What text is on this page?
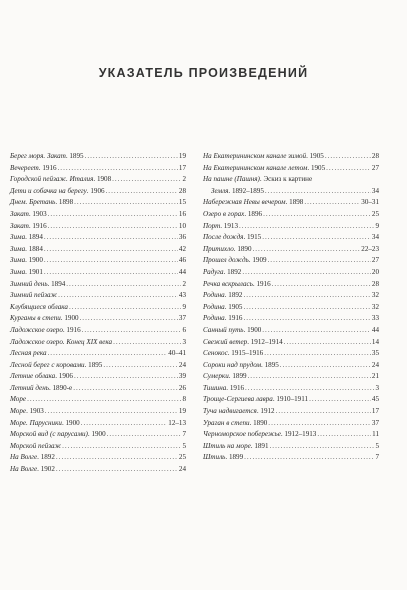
УКАЗАТЕЛЬ ПРОИЗВЕДЕНИЙ
Берег моря. Закат. 1895 .....	19
Вечереет. 1916 .....	17
Городской пейзаж. Италия. 1908 .....	2
Дети и собачка на берегу. 1906 .....	28
Днем. Бретань. 1898 .....	15
Закат. 1903 .....	16
Закат. 1916 .....	10
Зима. 1894 .....	36
Зима. 1884 .....	42
Зима. 1900 .....	46
Зима. 1901 .....	44
Зимний день. 1894 .....	2
Зимний пейзаж .....	43
Клубящиеся облака .....	9
Курганы в степи. 1900 .....	37
Ладожское озеро. 1916 .....	6
Ладожское озеро. Конец XIX века .....	3
Лесная река .....	40–41
Лесной берег с коровами. 1895 .....	24
Летние облака. 1906 .....	39
Летний день. 1890-е .....	26
Море .....	8
Море. 1903 .....	19
Море. Парусники. 1900 .....	12–13
Морской вид (с парусами). 1900 .....	7
Морской пейзаж .....	5
На Волге. 1892 .....	25
На Волге. 1902 .....	24
На Екатерининском канале зимой. 1905 .....	28
На Екатерининском канале летом. 1905 .....	27
На пашне (Пашня). Эскиз к картине
Земля. 1892–1895 .....	34
Набережная Невы вечером. 1898 .....	30–31
Озеро в горах. 1896 .....	25
Порт. 1913 .....	9
После дождя. 1915 .....	34
Притихло. 1890 .....	22–23
Прошел дождь. 1909 .....	27
Радуга. 1892 .....	20
Речка вскрылась. 1916 .....	28
Родина. 1892 .....	32
Родина. 1905 .....	32
Родина. 1916 .....	33
Санный путь. 1900 .....	44
Свежий ветер. 1912–1914 .....	14
Сенокос. 1915–1916 .....	35
Сороки над прудом. 1895 .....	24
Сумерки. 1899 .....	21
Тишина. 1916 .....	3
Троице-Сергиева лавра. 1910–1911 .....	45
Туча надвигается. 1912 .....	17
Ураган в степи. 1890 .....	37
Черноморское побережье. 1912–1913 .....	11
Штиль на море. 1891 .....	5
Штиль. 1899 .....	7
